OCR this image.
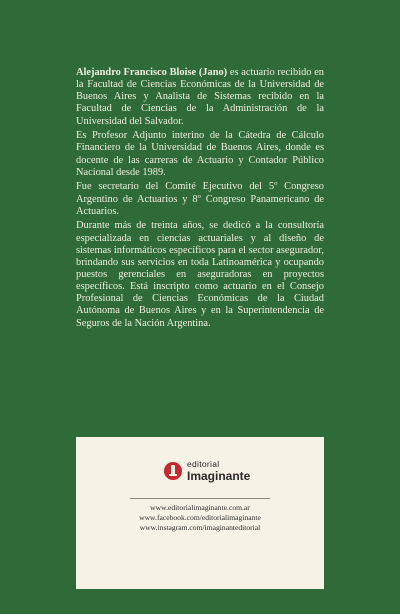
Alejandro Francisco Bloise (Jano) es actuario recibido en la Facultad de Ciencias Económicas de la Universidad de Buenos Aires y Analista de Sistemas recibido en la Facultad de Ciencias de la Administración de la Universidad del Salvador.

Es Profesor Adjunto interino de la Cátedra de Cálculo Financiero de la Universidad de Buenos Aires, donde es docente de las carreras de Actuario y Contador Público Nacional desde 1989.

Fue secretario del Comité Ejecutivo del 5º Congreso Argentino de Actuarios y 8º Congreso Panamericano de Actuarios.

Durante más de treinta años, se dedicó a la consultoría especializada en ciencias actuariales y al diseño de sistemas informáticos específicos para el sector asegurador, brindando sus servicios en toda Latinoamérica y ocupando puestos gerenciales en aseguradoras en proyectos específicos. Está inscripto como actuario en el Consejo Profesional de Ciencias Económicas de la Ciudad Autónoma de Buenos Aires y en la Superintendencia de Seguros de la Nación Argentina.

editorial
Imaginante
www.editorialimaginante.com.ar
www.facebook.com/editorialimaginante
www.instagram.com/imaginanteditorial
